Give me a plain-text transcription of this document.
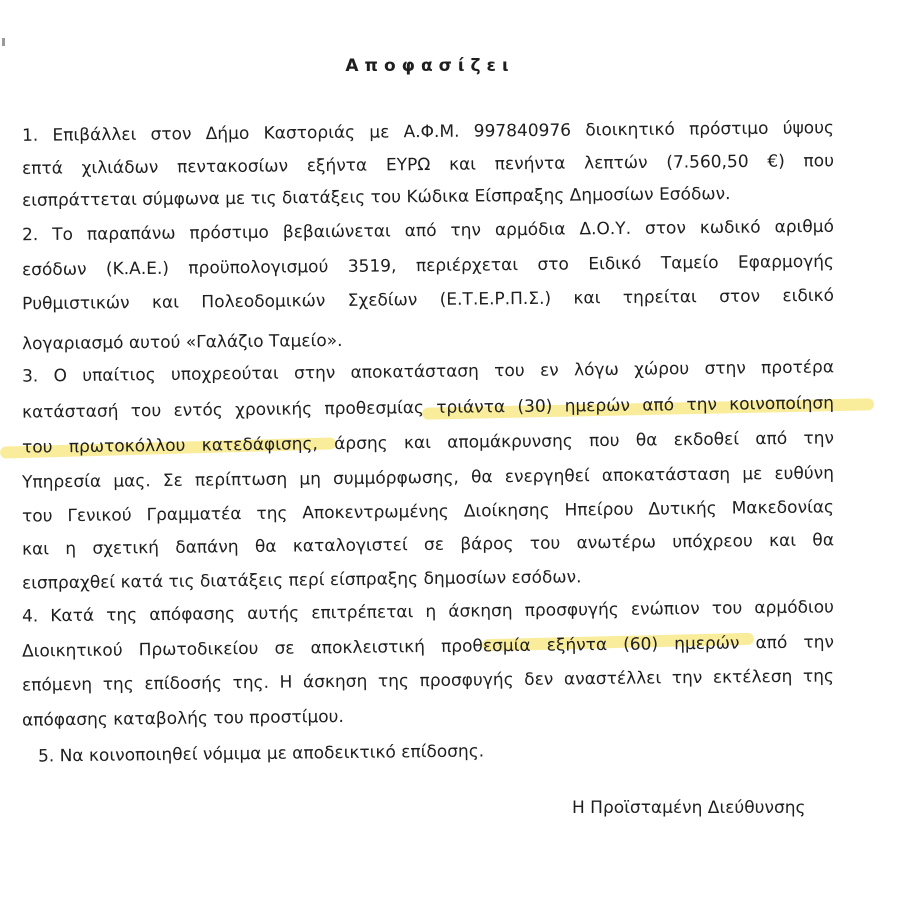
Αποφασίζει
1. Επιβάλλει στον Δήμο Καστοριάς με Α.Φ.Μ. 997840976 διοικητικό πρόστιμο ύψους
επτά χιλιάδων πεντακοσίων εξήντα ΕΥΡΩ και πενήντα λεπτών (7.560,50 €) που
εισπράττεται σύμφωνα με τις διατάξεις του Κώδικα Είσπραξης Δημοσίων Εσόδων.
2. Το παραπάνω πρόστιμο βεβαιώνεται από την αρμόδια Δ.Ο.Υ. στον κωδικό αριθμό
εσόδων (Κ.Α.Ε.) προϋπολογισμού 3519, περιέρχεται στο Ειδικό Ταμείο Εφαρμογής
Ρυθμιστικών και Πολεοδομικών Σχεδίων (Ε.Τ.Ε.Ρ.Π.Σ.) και τηρείται στον ειδικό
λογαριασμό αυτού «Γαλάζιο Ταμείο».
3. Ο υπαίτιος υποχρεούται στην αποκατάσταση του εν λόγω χώρου στην προτέρα
κατάστασή του εντός χρονικής προθεσμίας τριάντα (30) ημερών από την κοινοποίηση
του πρωτοκόλλου κατεδάφισης, άρσης και απομάκρυνσης που θα εκδοθεί από την
Υπηρεσία μας. Σε περίπτωση μη συμμόρφωσης, θα ενεργηθεί αποκατάσταση με ευθύνη
του Γενικού Γραμματέα της Αποκεντρωμένης Διοίκησης Ηπείρου Δυτικής Μακεδονίας
και η σχετική δαπάνη θα καταλογιστεί σε βάρος του ανωτέρω υπόχρεου και θα
εισπραχθεί κατά τις διατάξεις περί είσπραξης δημοσίων εσόδων.
4. Κατά της απόφασης αυτής επιτρέπεται η άσκηση προσφυγής ενώπιον του αρμόδιου
Διοικητικού Πρωτοδικείου σε αποκλειστική προθεσμία εξήντα (60) ημερών από την
επόμενη της επίδοσής της. Η άσκηση της προσφυγής δεν αναστέλλει την εκτέλεση της
απόφασης καταβολής του προστίμου.
5. Να κοινοποιηθεί νόμιμα με αποδεικτικό επίδοσης.
Η Προϊσταμένη Διεύθυνσης
